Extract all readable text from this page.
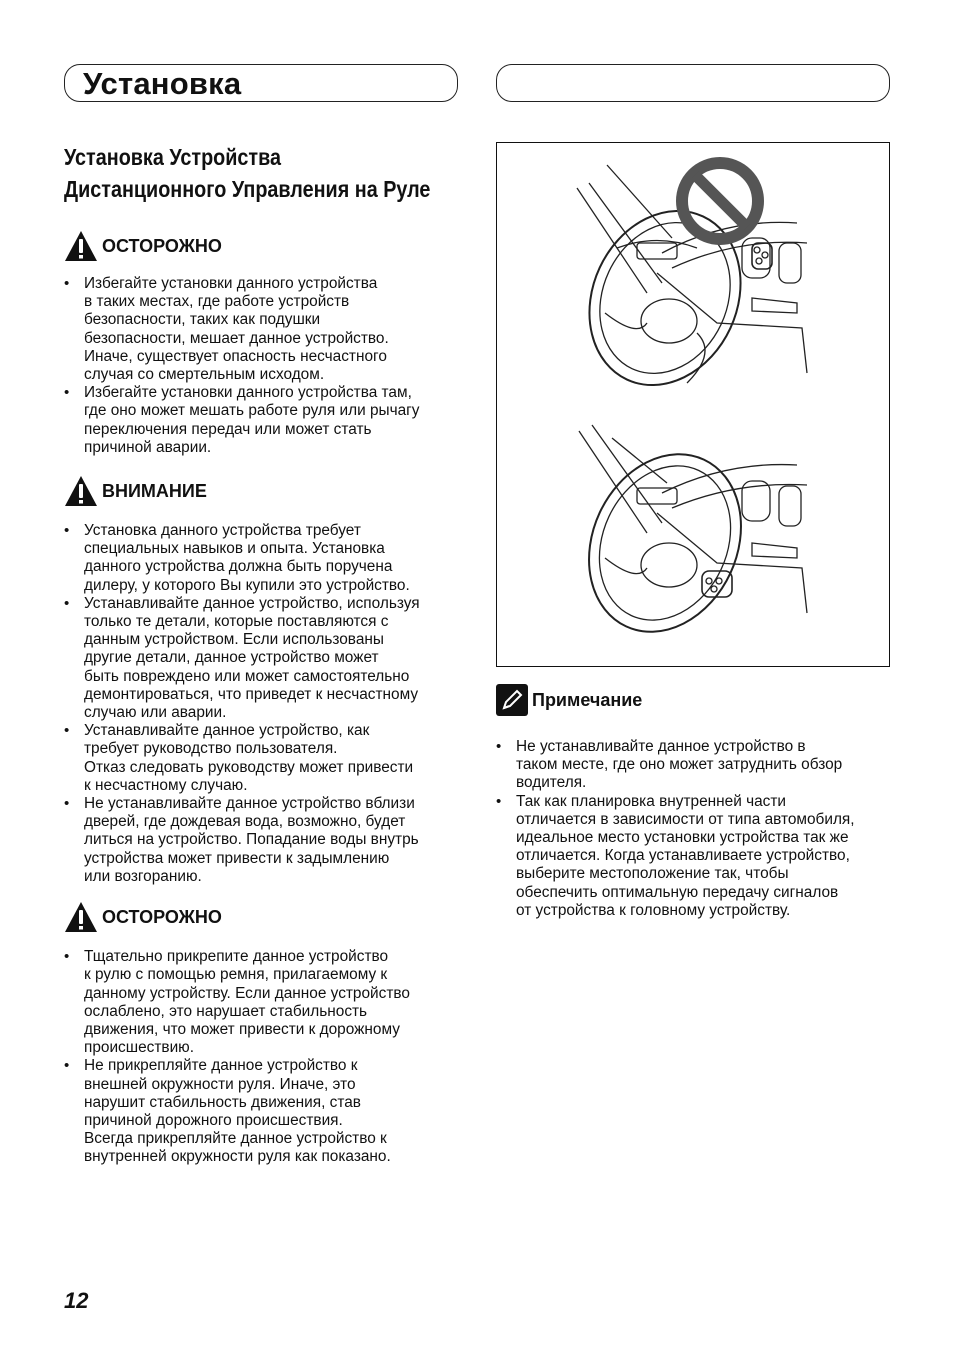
Установка
Установка Устройства
Дистанционного Управления на Руле
ОСТОРОЖНО
• Избегайте установки данного устройства
в таких местах, где работе устройств
безопасности, таких как подушки
безопасности, мешает данное устройство.
Иначе, существует опасность несчастного
случая со смертельным исходом.
• Избегайте установки данного устройства там,
где оно может мешать работе руля или рычагу
переключения передач или может стать
причиной аварии.
ВНИМАНИЕ
• Установка данного устройства требует
специальных навыков и опыта. Установка
данного устройства должна быть поручена
дилеру, у которого Вы купили это устройство.
• Устанавливайте данное устройство, используя
только те детали, которые поставляются с
данным устройством. Если использованы
другие детали, данное устройство может
быть повреждено или может самостоятельно
демонтироваться, что приведет к несчастному
случаю или аварии.
• Устанавливайте данное устройство, как
требует руководство пользователя.
Отказ следовать руководству может привести
к несчастному случаю.
• Не устанавливайте данное устройство вблизи
дверей, где дождевая вода, возможно, будет
литься на устройство. Попадание воды внутрь
устройства может привести к задымлению
или возгоранию.
ОСТОРОЖНО
• Тщательно прикрепите данное устройство
к рулю с помощью ремня, прилагаемому к
данному устройству. Если данное устройство
ослаблено, это нарушает стабильность
движения, что может привести к дорожному
происшествию.
• Не прикрепляйте данное устройство к
внешней окружности руля. Иначе, это
нарушит стабильность движения, став
причиной дорожного происшествия.
Всегда прикрепляйте данное устройство к
внутренней окружности руля как показано.
Примечание
• Не устанавливайте данное устройство в
таком месте, где оно может затруднить обзор
водителя.
• Так как планировка внутренней части
отличается в зависимости от типа автомобиля,
идеальное место установки устройства так же
отличается. Когда устанавливаете устройство,
выберите местоположение так, чтобы
обеспечить оптимальную передачу сигналов
от устройства к головному устройству.
12
